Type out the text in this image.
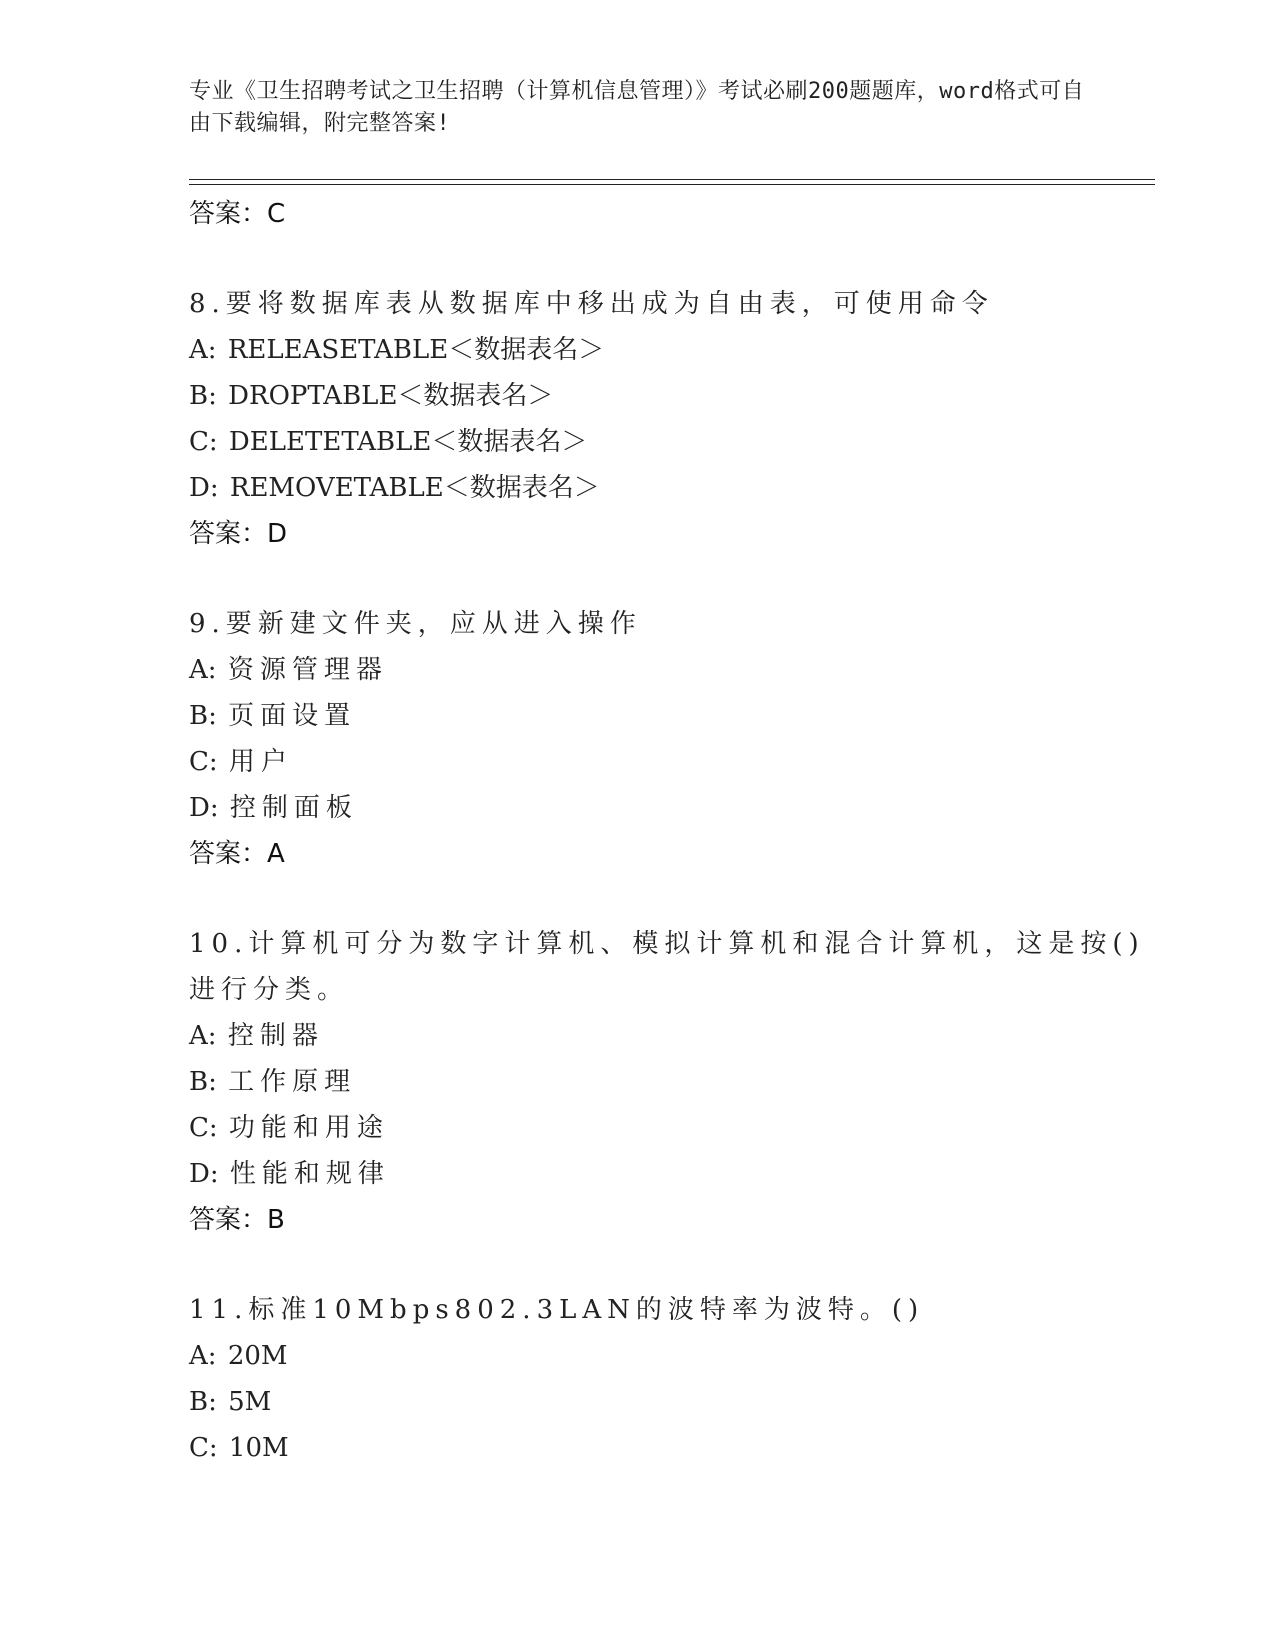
专业《卫生招聘考试之卫生招聘（计算机信息管理）》考试必刷200题题库，word格式可自由下载编辑，附完整答案!
答案：C
8.要将数据库表从数据库中移出成为自由表，可使用命令
A: RELEASETABLE＜数据表名＞
B: DROPTABLE＜数据表名＞
C: DELETETABLE＜数据表名＞
D: REMOVETABLE＜数据表名＞
答案：D
9.要新建文件夹，应从进入操作
A: 资源管理器
B: 页面设置
C: 用户
D: 控制面板
答案：A
10.计算机可分为数字计算机、模拟计算机和混合计算机，这是按()进行分类。
A: 控制器
B: 工作原理
C: 功能和用途
D: 性能和规律
答案：B
11.标准10Mbps802.3LAN的波特率为波特。()
A: 20M
B: 5M
C: 10M
